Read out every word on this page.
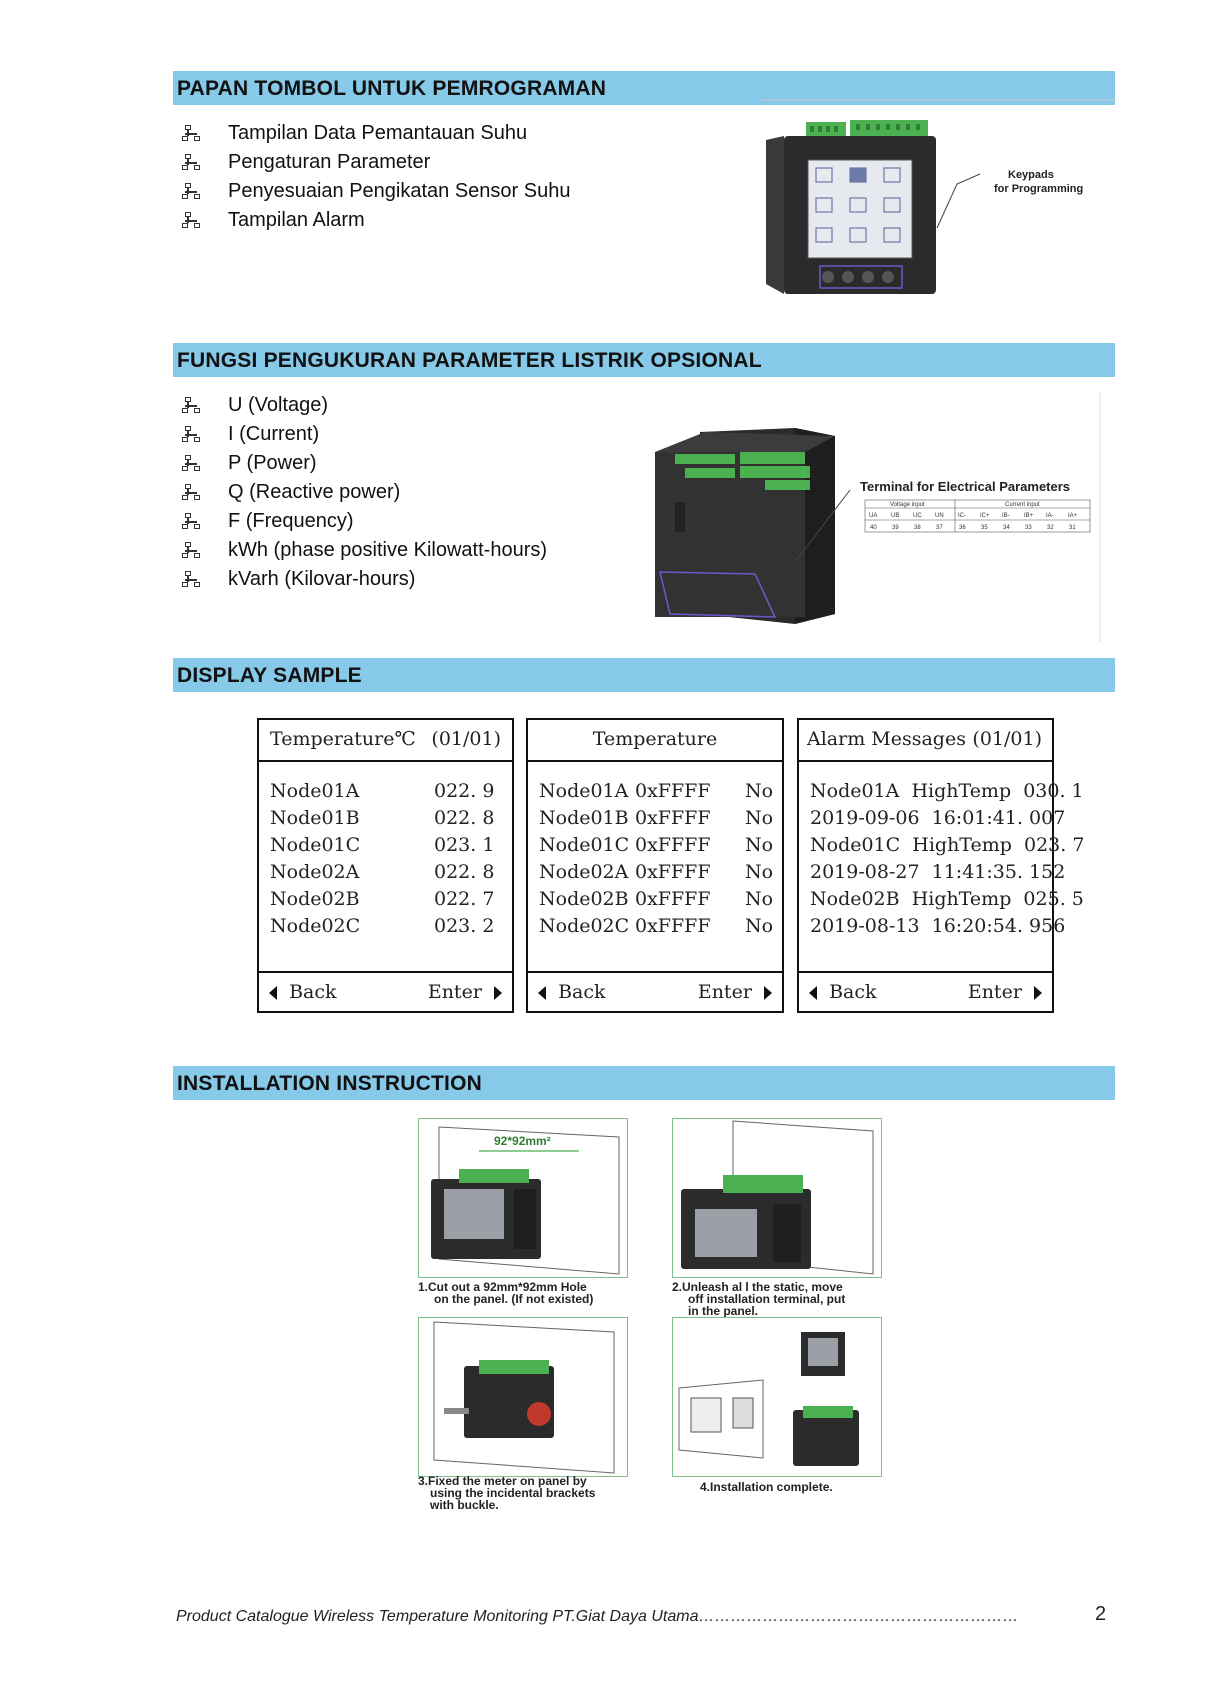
PAPAN TOMBOL UNTUK PEMROGRAMAN
Tampilan Data Pemantauan Suhu
Pengaturan Parameter
Penyesuaian Pengikatan Sensor Suhu
Tampilan Alarm
Keypads
for Programming
FUNGSI PENGUKURAN PARAMETER LISTRIK OPSIONAL
U (Voltage)
I (Current)
P (Power)
Q (Reactive power)
F (Frequency)
kWh (phase positive Kilowatt-hours)
kVarh (Kilovar-hours)
Terminal for Electrical Parameters
Voltage input	Current input
UA UB UC UN IC- IC+ IB- IB+ IA- IA+
40	39	38	37	36	35	34	33	32	31
DISPLAY SAMPLE
Temperature℃ (01/01)
Node01A	022. 9
Node01B	022. 8
Node01C	023. 1
Node02A	022. 8
Node02B	022. 7
Node02C	023. 2
Back	Enter
Temperature
Node01A 0xFFFF No
Node01B 0xFFFF No
Node01C 0xFFFF No
Node02A 0xFFFF No
Node02B 0xFFFF No
Node02C 0xFFFF No
Back	Enter
Alarm Messages (01/01)
Node01A  HighTemp  030. 1
2019-09-06  16:01:41. 007
Node01C  HighTemp  023. 7
2019-08-27  11:41:35. 152
Node02B  HighTemp  025. 5
2019-08-13  16:20:54. 956
Back	Enter
INSTALLATION INSTRUCTION
92*92mm²
1.Cut out a 92mm*92mm Hole
on the panel. (If not existed)
2.Unleash al l the static, move
off installation terminal, put
in the panel.
3.Fixed the meter on panel by
using the incidental brackets
with buckle.
4.Installation complete.
Product Catalogue Wireless Temperature Monitoring PT.Giat Daya Utama……………………………………………………	2
